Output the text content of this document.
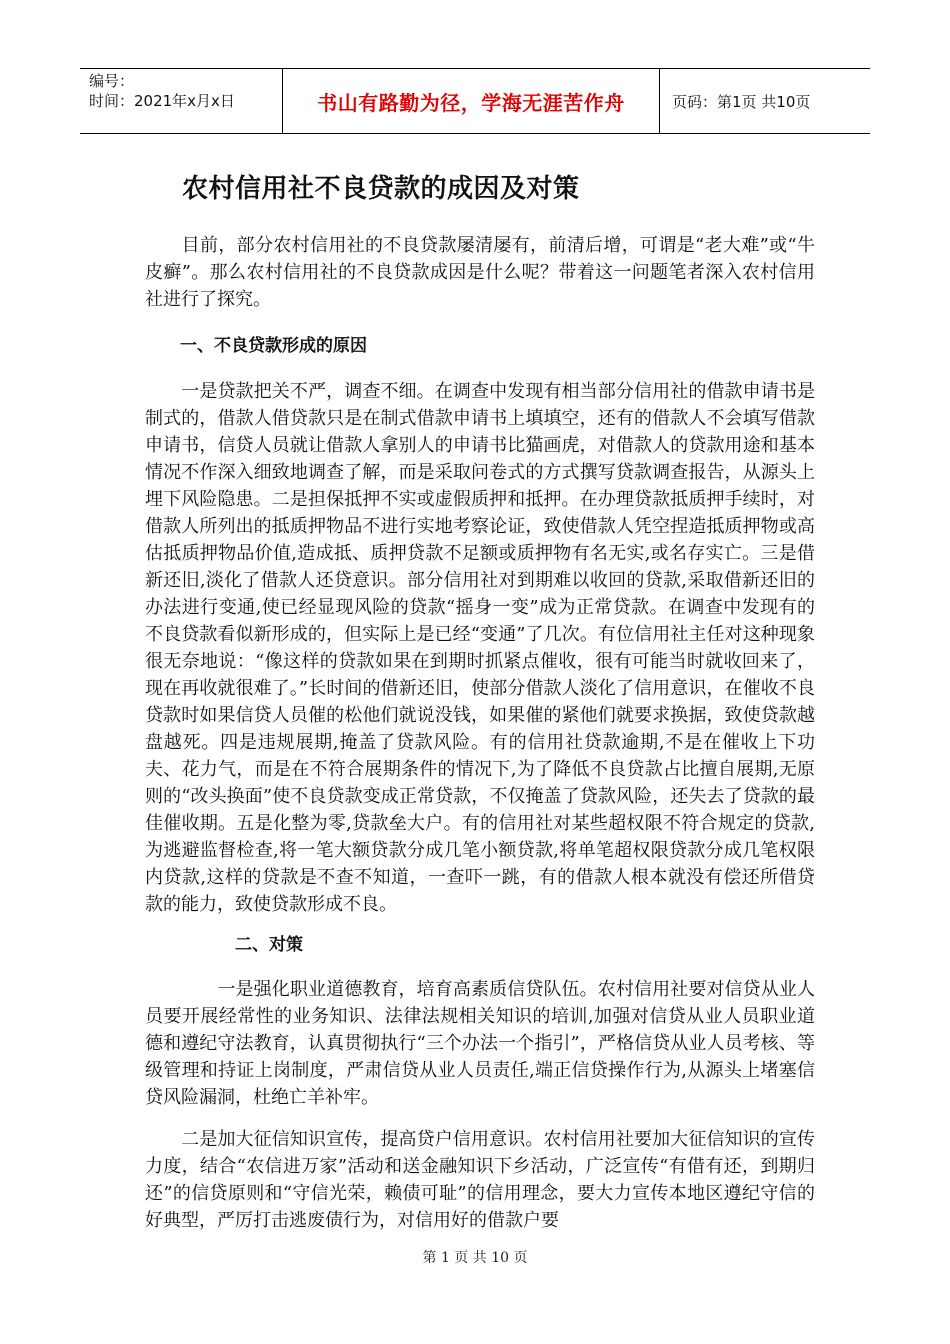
编号：
时间：2021年x月x日	书山有路勤为径，学海无涯苦作舟	页码：第1页 共10页
农村信用社不良贷款的成因及对策

　　目前，部分农村信用社的不良贷款屡清屡有，前清后增，可谓是“老大难”或“牛皮癣”。那么农村信用社的不良贷款成因是什么呢？带着这一问题笔者深入农村信用社进行了探究。

一、不良贷款形成的原因

　　一是贷款把关不严，调查不细。在调查中发现有相当部分信用社的借款申请书是制式的，借款人借贷款只是在制式借款申请书上填填空，还有的借款人不会填写借款申请书，信贷人员就让借款人拿别人的申请书比猫画虎，对借款人的贷款用途和基本情况不作深入细致地调查了解，而是采取问卷式的方式撰写贷款调查报告，从源头上埋下风险隐患。二是担保抵押不实或虚假质押和抵押。在办理贷款抵质押手续时，对借款人所列出的抵质押物品不进行实地考察论证，致使借款人凭空捏造抵质押物或高估抵质押物品价值,造成抵、质押贷款不足额或质押物有名无实,或名存实亡。三是借新还旧,淡化了借款人还贷意识。部分信用社对到期难以收回的贷款,采取借新还旧的办法进行变通,使已经显现风险的贷款“摇身一变”成为正常贷款。在调查中发现有的不良贷款看似新形成的，但实际上是已经“变通”了几次。有位信用社主任对这种现象很无奈地说：“像这样的贷款如果在到期时抓紧点催收，很有可能当时就收回来了，现在再收就很难了。”长时间的借新还旧，使部分借款人淡化了信用意识，在催收不良贷款时如果信贷人员催的松他们就说没钱，如果催的紧他们就要求换据，致使贷款越盘越死。四是违规展期,掩盖了贷款风险。有的信用社贷款逾期,不是在催收上下功夫、花力气，而是在不符合展期条件的情况下,为了降低不良贷款占比擅自展期,无原则的“改头换面”使不良贷款变成正常贷款，不仅掩盖了贷款风险，还失去了贷款的最佳催收期。五是化整为零,贷款垒大户。有的信用社对某些超权限不符合规定的贷款,为逃避监督检查,将一笔大额贷款分成几笔小额贷款,将单笔超权限贷款分成几笔权限内贷款,这样的贷款是不查不知道，一查吓一跳，有的借款人根本就没有偿还所借贷款的能力，致使贷款形成不良。

二、对策

　　　　一是强化职业道德教育，培育高素质信贷队伍。农村信用社要对信贷从业人员要开展经常性的业务知识、法律法规相关知识的培训,加强对信贷从业人员职业道德和遵纪守法教育，认真贯彻执行“三个办法一个指引”，严格信贷从业人员考核、等级管理和持证上岗制度，严肃信贷从业人员责任,端正信贷操作行为,从源头上堵塞信贷风险漏洞，杜绝亡羊补牢。

　　二是加大征信知识宣传，提高贷户信用意识。农村信用社要加大征信知识的宣传力度，结合“农信进万家”活动和送金融知识下乡活动，广泛宣传“有借有还，到期归还”的信贷原则和“守信光荣，赖债可耻”的信用理念，要大力宣传本地区遵纪守信的好典型，严厉打击逃废债行为，对信用好的借款户要

第 1 页 共 10 页
